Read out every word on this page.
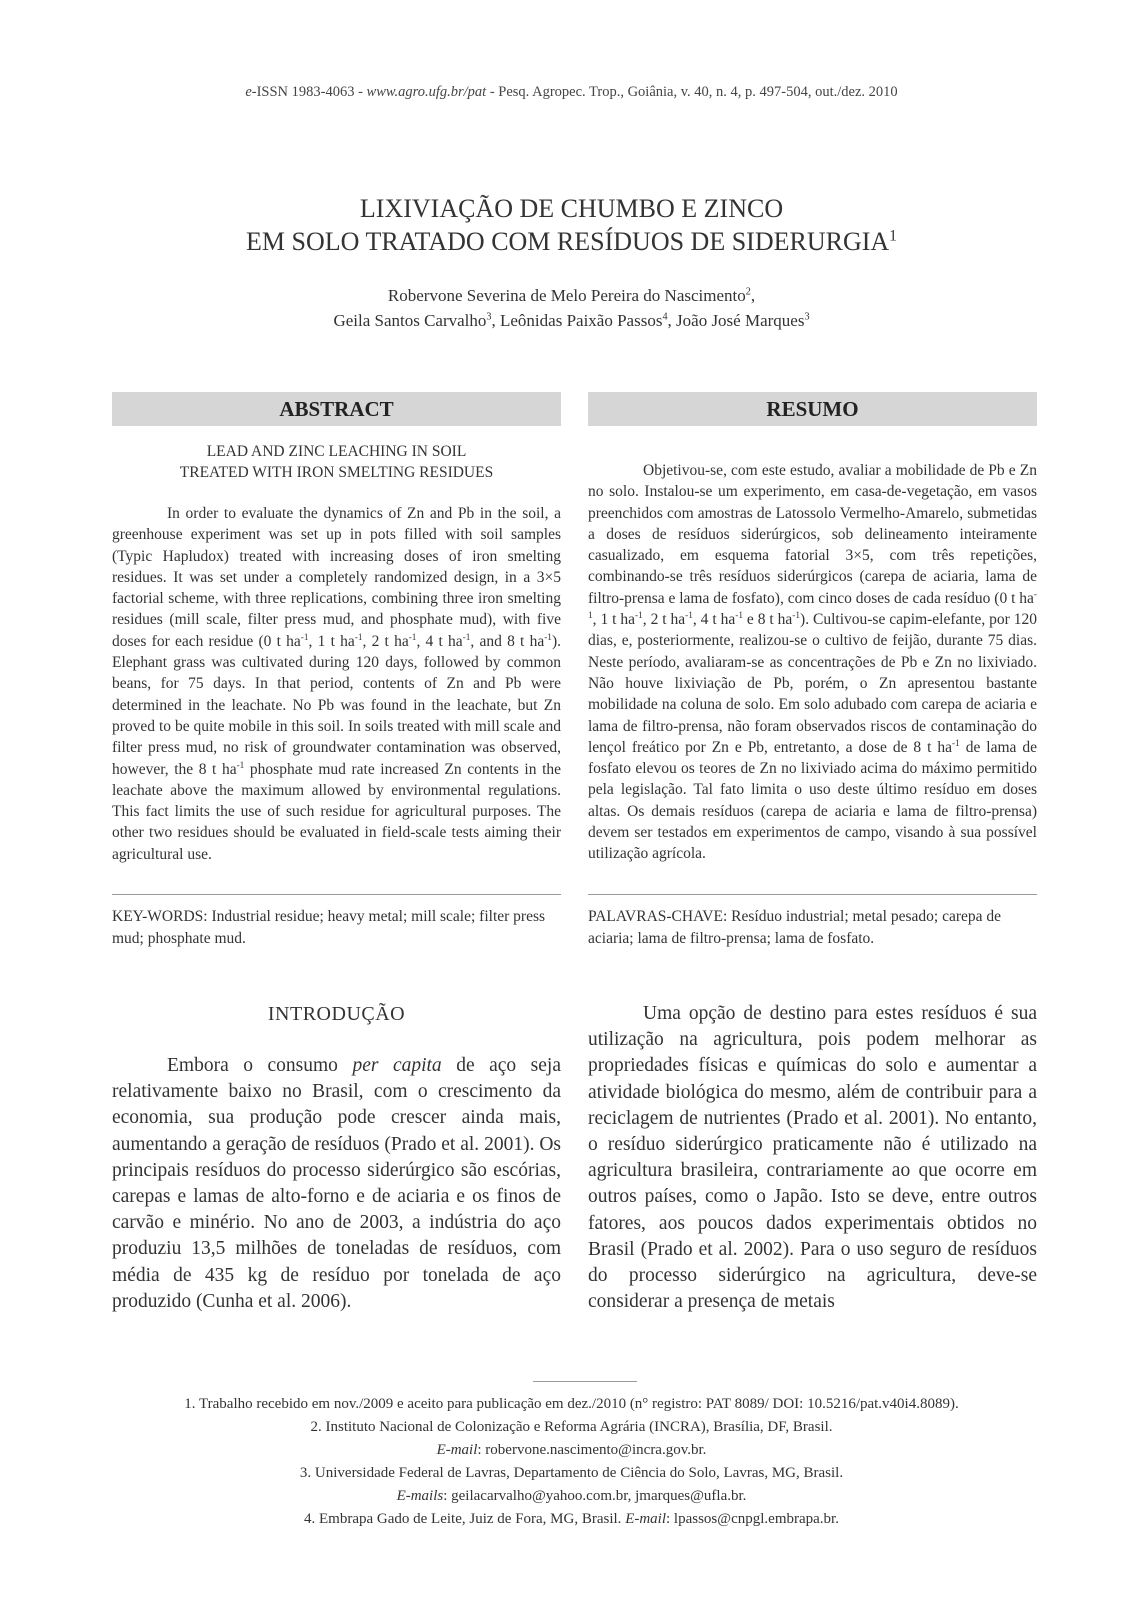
e-ISSN 1983-4063 - www.agro.ufg.br/pat - Pesq. Agropec. Trop., Goiânia, v. 40, n. 4, p. 497-504, out./dez. 2010
LIXIVIAÇÃO DE CHUMBO E ZINCO
EM SOLO TRATADO COM RESÍDUOS DE SIDERURGIA$^1$
Robervone Severina de Melo Pereira do Nascimento$^2$,
Geila Santos Carvalho$^3$, Leônidas Paixão Passos$^4$, João José Marques$^3$
ABSTRACT
LEAD AND ZINC LEACHING IN SOIL
TREATED WITH IRON SMELTING RESIDUES

In order to evaluate the dynamics of Zn and Pb in the soil, a greenhouse experiment was set up in pots filled with soil samples (Typic Hapludox) treated with increasing doses of iron smelting residues. It was set under a completely randomized design, in a 3×5 factorial scheme, with three replications, combining three iron smelting residues (mill scale, filter press mud, and phosphate mud), with five doses for each residue (0 t $ha^{-1}$, 1 t $ha^{-1}$, 2 t $ha^{-1}$, 4 t $ha^{-1}$, and 8 t $ha^{-1}$). Elephant grass was cultivated during 120 days, followed by common beans, for 75 days. In that period, contents of Zn and Pb were determined in the leachate. No Pb was found in the leachate, but Zn proved to be quite mobile in this soil. In soils treated with mill scale and filter press mud, no risk of groundwater contamination was observed, however, the 8 t $ha^{-1}$ phosphate mud rate increased Zn contents in the leachate above the maximum allowed by environmental regulations. This fact limits the use of such residue for agricultural purposes. The other two residues should be evaluated in field-scale tests aiming their agricultural use.

KEY-WORDS: Industrial residue; heavy metal; mill scale; filter press mud; phosphate mud.
RESUMO

Objetivou-se, com este estudo, avaliar a mobilidade de Pb e Zn no solo. Instalou-se um experimento, em casa-de-vegetação, em vasos preenchidos com amostras de Latossolo Vermelho-Amarelo, submetidas a doses de resíduos siderúrgicos, sob delineamento inteiramente casualizado, em esquema fatorial 3×5, com três repetições, combinando-se três resíduos siderúrgicos (carepa de aciaria, lama de filtro-prensa e lama de fosfato), com cinco doses de cada resíduo (0 t $ha^{-1}$, 1 t $ha^{-1}$, 2 t $ha^{-1}$, 4 t $ha^{-1}$ e 8 t $ha^{-1}$). Cultivou-se capim-elefante, por 120 dias, e, posteriormente, realizou-se o cultivo de feijão, durante 75 dias. Neste período, avaliaram-se as concentrações de Pb e Zn no lixiviado. Não houve lixiviação de Pb, porém, o Zn apresentou bastante mobilidade na coluna de solo. Em solo adubado com carepa de aciaria e lama de filtro-prensa, não foram observados riscos de contaminação do lençol freático por Zn e Pb, entretanto, a dose de 8 t $ha^{-1}$ de lama de fosfato elevou os teores de Zn no lixiviado acima do máximo permitido pela legislação. Tal fato limita o uso deste último resíduo em doses altas. Os demais resíduos (carepa de aciaria e lama de filtro-prensa) devem ser testados em experimentos de campo, visando à sua possível utilização agrícola.

PALAVRAS-CHAVE: Resíduo industrial; metal pesado; carepa de aciaria; lama de filtro-prensa; lama de fosfato.
INTRODUÇÃO

Embora o consumo per capita de aço seja relativamente baixo no Brasil, com o crescimento da economia, sua produção pode crescer ainda mais, aumentando a geração de resíduos (Prado et al. 2001). Os principais resíduos do processo siderúrgico são escórias, carepas e lamas de alto-forno e de aciaria e os finos de carvão e minério. No ano de 2003, a indústria do aço produziu 13,5 milhões de toneladas de resíduos, com média de 435 kg de resíduo por tonelada de aço produzido (Cunha et al. 2006).

Uma opção de destino para estes resíduos é sua utilização na agricultura, pois podem melhorar as propriedades físicas e químicas do solo e aumentar a atividade biológica do mesmo, além de contribuir para a reciclagem de nutrientes (Prado et al. 2001). No entanto, o resíduo siderúrgico praticamente não é utilizado na agricultura brasileira, contrariamente ao que ocorre em outros países, como o Japão. Isto se deve, entre outros fatores, aos poucos dados experimentais obtidos no Brasil (Prado et al. 2002). Para o uso seguro de resíduos do processo siderúrgico na agricultura, deve-se considerar a presença de metais

1. Trabalho recebido em nov./2009 e aceito para publicação em dez./2010 (n° registro: PAT 8089/ DOI: 10.5216/pat.v40i4.8089).

2. Instituto Nacional de Colonização e Reforma Agrária (INCRA), Brasília, DF, Brasil.

E-mail: robervone.nascimento@incra.gov.br.

3. Universidade Federal de Lavras, Departamento de Ciência do Solo, Lavras, MG, Brasil.

E-mails: geilacarvalho@yahoo.com.br, jmarques@ufla.br.

4. Embrapa Gado de Leite, Juiz de Fora, MG, Brasil. E-mail: lpassos@cnpgl.embrapa.br.
